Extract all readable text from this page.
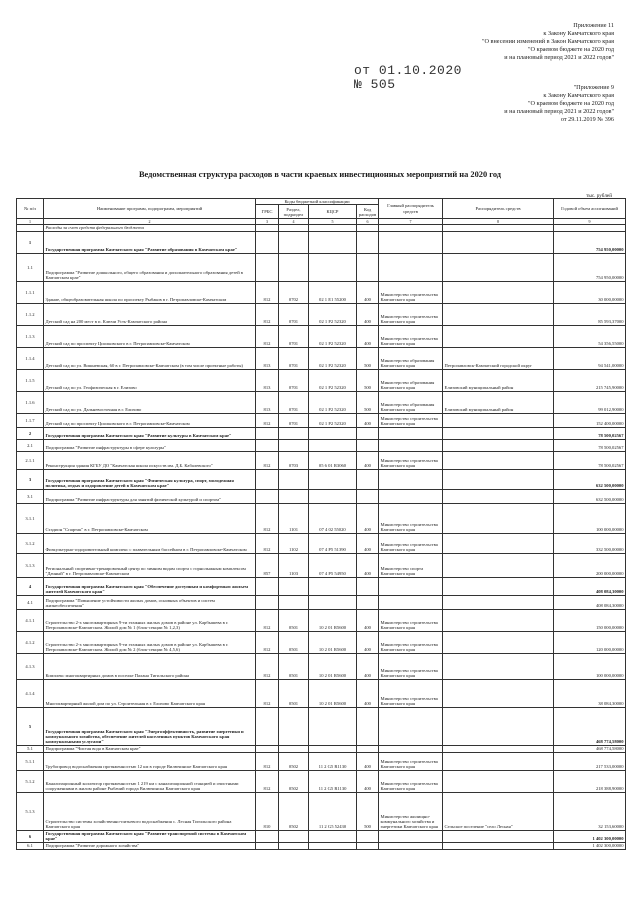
Приложение 11
к Закону Камчатского края
"О внесении изменений в Закон Камчатского края
"О краевом бюджете на 2020 год
и на плановый период 2021 и 2022 годов"
от 01.10.2020

№ 505	"Приложение 9
к Закону Камчатского края
"О краевом бюджете на 2020 год
и на плановый период 2021 и 2022 годов"
от 29.11.2019 № 396
Ведомственная структура расходов в части краевых инвестиционных мероприятий на 2020 год
тыс. рублей
№ п/п	Наименование программ, подпрограмм, мероприятий	Коды бюджетной классификации				Главный распорядитель средств	Распорядитель средств	Годовой объем ассигнований
		ГРБС	Раздел, подраздел	КЦСР	Код расходов			
1	2	3	4	5	6	7	8	9
	Расходы за счет средств федерального бюджета							
1	Государственная программа Камчатского края "Развитие образования в Камчатском крае"							754 950,00000
1.1	Подпрограмма "Развитие дошкольного, общего образования и дополнительного образования детей в Камчатском крае"							754 950,00000
1.1.1	Здание, общеобразовательная школа по проспекту Рыбаков в г. Петропавловске-Камчатском	812	0702	02 1 Е1 55200	400	Министерство строительства Камчатского края		30 000,00000
1.1.2	Детский сад на 200 мест в п. Ключи Усть-Камчатского района	812	0701	02 1 Р2 52320	400	Министерство строительства Камчатского края		85 593,37000
1.1.3	Детский сад по проспекту Циолковского в г. Петропавловске-Камчатском	812	0701	02 1 Р2 52320	400	Министерство строительства Камчатского края		54 356,55000
1.1.4	Детский сад по ул. Вишневская, 60 в г. Петропавловске-Камчатском (в том числе проектные работы)	813	0701	02 1 Р2 52320	500	Министерство образования Камчатского края	Петропавловск-Камчатский городской округ	94 541,00000
1.1.5	Детский сад по ул. Геофизическая в г. Елизово	813	0701	02 1 Р2 52320	500	Министерство образования Камчатского края	Елизовский муниципальный район	215 745,90000
1.1.6	Детский сад по ул. Дальневосточная в г. Елизово	813	0701	02 1 Р2 52320	500	Министерство образования Камчатского края	Елизовский муниципальный район	99 012,90000
1.1.7	Детский сад по проспекту Циолковского в г. Петропавловске-Камчатском	812	0701	02 1 Р2 52320	400	Министерство строительства Камчатского края		152 400,00000
2	Государственная программа Камчатского края "Развитие культуры в Камчатском крае"							78 500,02567
2.1	Подпрограмма "Развитие инфраструктуры в сфере культуры"							78 500,02567
2.1.1	Реконструкция здания КГБУ ДО "Камчатская школа искусств им. Д.Б. Кабалевского"	812	0703	05 6 01 R3060	400	Министерство строительства Камчатского края		78 500,02567
3	Государственная программа Камчатского края "Физическая культура, спорт, молодежная политика, отдых и оздоровление детей в Камчатском крае"							632 500,00000
3.1	Подпрограмма "Развитие инфраструктуры для занятий физической культурой и спортом"							632 500,00000
3.1.1	Стадион "Спартак" в г. Петропавловске-Камчатском	812	1101	07 4 02 55020	400	Министерство строительства Камчатского края		100 000,00000
3.1.2	Физкультурно-оздоровительный комплекс с плавательным бассейном в г. Петропавловске-Камчатском	812	1102	07 4 Р5 51390	400	Министерство строительства Камчатского края		332 500,00000
3.1.3	Региональный спортивно-тренировочный центр по зимним видам спорта с горнолыжным комплексом "Дачный" в г. Петропавловске-Камчатском	857	1103	07 4 Р5 54950	400	Министерство спорта Камчатского края		200 000,00000
4	Государственная программа Камчатского края "Обеспечение доступным и комфортным жильем жителей Камчатского края"							408 084,30000
4.1	Подпрограмма "Повышение устойчивости жилых домов, основных объектов и систем жизнеобеспечения"							408 084,30000
4.1.1	Строительство 2-х многоквартирных 9-ти этажных жилых домов в районе ул. Карбышева в г. Петропавловске-Камчатском. Жилой дом № 1 (блок-секции № 1,2,3)	812	0501	10 2 01 R5600	400	Министерство строительства Камчатского края		150 000,00000
4.1.2	Строительство 2-х многоквартирных 9-ти этажных жилых домов в районе ул. Карбышева в г. Петропавловске-Камчатском. Жилой дом № 2 (блок-секции № 4,5,6)	812	0501	10 2 01 R5600	400	Министерство строительства Камчатского края		120 000,00000
4.1.3	Комплекс многоквартирных домов в поселке Палана Тигильского района	812	0501	10 2 01 R5600	400	Министерство строительства Камчатского края		100 000,00000
4.1.4	Многоквартирный жилой дом по ул. Строительная в г. Елизово Камчатского края	812	0501	10 2 01 R5600	400	Министерство строительства Камчатского края		38 084,30000
5	Государственная программа Камчатского края "Энергоэффективность, развитие энергетики и коммунального хозяйства, обеспечение жителей населенных пунктов Камчатского края коммунальными услугами"							468 774,58000
5.1	Подпрограмма "Чистая вода в Камчатском крае"							468 774,58000
5.1.1	Трубопровод водоснабжения протяженностью 12 км в городе Вилючинске Камчатского края	812	0502	11 2 G5 R1130	400	Министерство строительства Камчатского края		217 533,00000
5.1.2	Канализационный коллектор протяженностью 1 219 км с канализационной станцией и очистными сооружениями в жилом районе Рыбачий города Вилючинска Камчатского края	812	0502	11 2 G5 R1130	400	Министерство строительства Камчатского края		218 388,90000
5.1.3	Строительство системы хозяйственно-питьевого водоснабжения с. Лесная Тигильского района Камчатского края	810	0502	11 2 G5 52430	500	Министерство жилищно-коммунального хозяйства и энергетики Камчатского края	Сельское поселение "село Лесная"	32 153,60000
6	Государственная программа Камчатского края "Развитие транспортной системы в Камчатском крае"							1 402 300,00000
6.1	Подпрограмма "Развитие дорожного хозяйства"							1 402 300,00000
